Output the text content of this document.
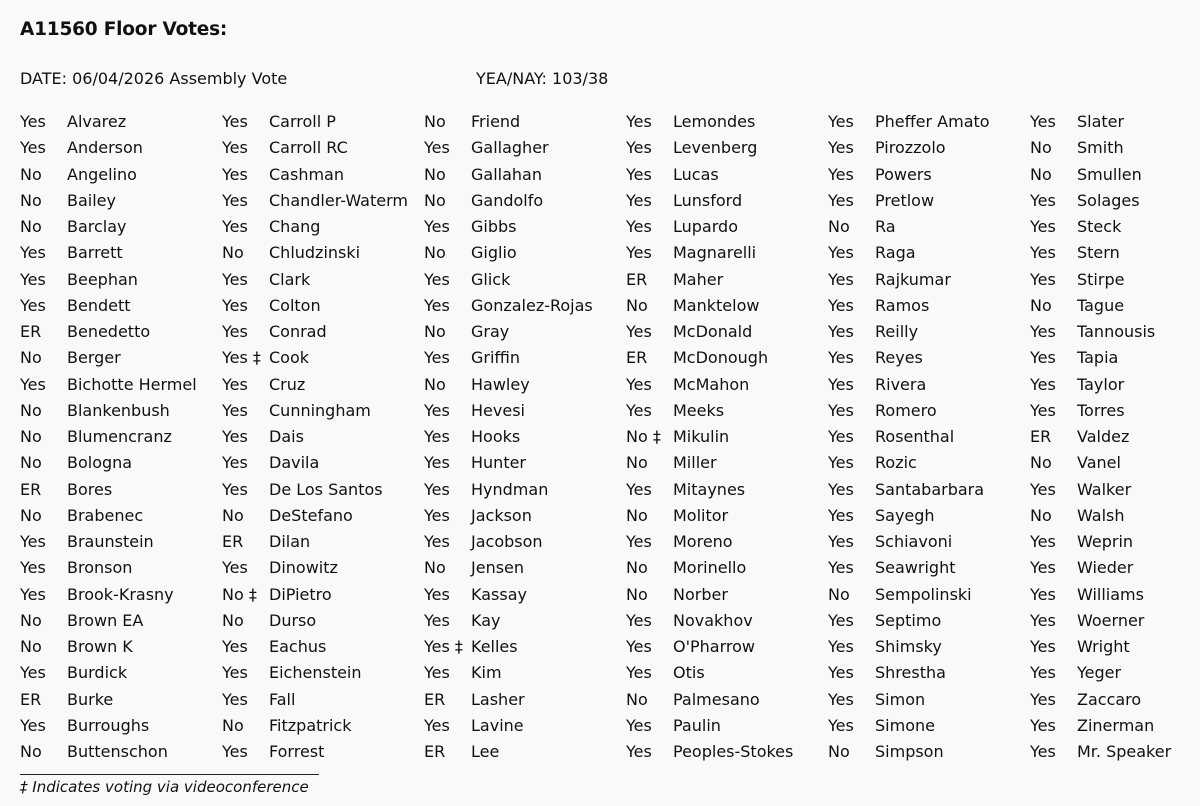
A11560 Floor Votes:
DATE: 06/04/2026 Assembly Vote	YEA/NAY: 103/38
Yes Alvarez
Yes Anderson
No Angelino
No Bailey
No Barclay
Yes Barrett
Yes Beephan
Yes Bendett
ER Benedetto
No Berger
Yes Bichotte Hermel
No Blankenbush
No Blumencranz
No Bologna
ER Bores
No Brabenec
Yes Braunstein
Yes Bronson
Yes Brook-Krasny
No Brown EA
No Brown K
Yes Burdick
ER Burke
Yes Burroughs
No Buttenschon
Yes Carroll P
Yes Carroll RC
Yes Cashman
Yes Chandler-Waterm
Yes Chang
No Chludzinski
Yes Clark
Yes Colton
Yes Conrad
Yes ‡ Cook
Yes Cruz
Yes Cunningham
Yes Dais
Yes Davila
Yes De Los Santos
No DeStefano
ER Dilan
Yes Dinowitz
No ‡ DiPietro
No Durso
Yes Eachus
Yes Eichenstein
Yes Fall
No Fitzpatrick
Yes Forrest
No Friend
Yes Gallagher
No Gallahan
No Gandolfo
Yes Gibbs
No Giglio
Yes Glick
Yes Gonzalez-Rojas
No Gray
Yes Griffin
No Hawley
Yes Hevesi
Yes Hooks
Yes Hunter
Yes Hyndman
Yes Jackson
Yes Jacobson
No Jensen
Yes Kassay
Yes Kay
Yes ‡ Kelles
Yes Kim
ER Lasher
Yes Lavine
ER Lee
Yes Lemondes
Yes Levenberg
Yes Lucas
Yes Lunsford
Yes Lupardo
Yes Magnarelli
ER Maher
No Manktelow
Yes McDonald
ER McDonough
Yes McMahon
Yes Meeks
No ‡ Mikulin
No Miller
Yes Mitaynes
No Molitor
Yes Moreno
No Morinello
No Norber
Yes Novakhov
Yes O'Pharrow
Yes Otis
No Palmesano
Yes Paulin
Yes Peoples-Stokes
Yes Pheffer Amato
Yes Pirozzolo
Yes Powers
Yes Pretlow
No Ra
Yes Raga
Yes Rajkumar
Yes Ramos
Yes Reilly
Yes Reyes
Yes Rivera
Yes Romero
Yes Rosenthal
Yes Rozic
Yes Santabarbara
Yes Sayegh
Yes Schiavoni
Yes Seawright
No Sempolinski
Yes Septimo
Yes Shimsky
Yes Shrestha
Yes Simon
Yes Simone
No Simpson
Yes Slater
No Smith
No Smullen
Yes Solages
Yes Steck
Yes Stern
Yes Stirpe
No Tague
Yes Tannousis
Yes Tapia
Yes Taylor
Yes Torres
ER Valdez
No Vanel
Yes Walker
No Walsh
Yes Weprin
Yes Wieder
Yes Williams
Yes Woerner
Yes Wright
Yes Yeger
Yes Zaccaro
Yes Zinerman
Yes Mr. Speaker
‡ Indicates voting via videoconference
